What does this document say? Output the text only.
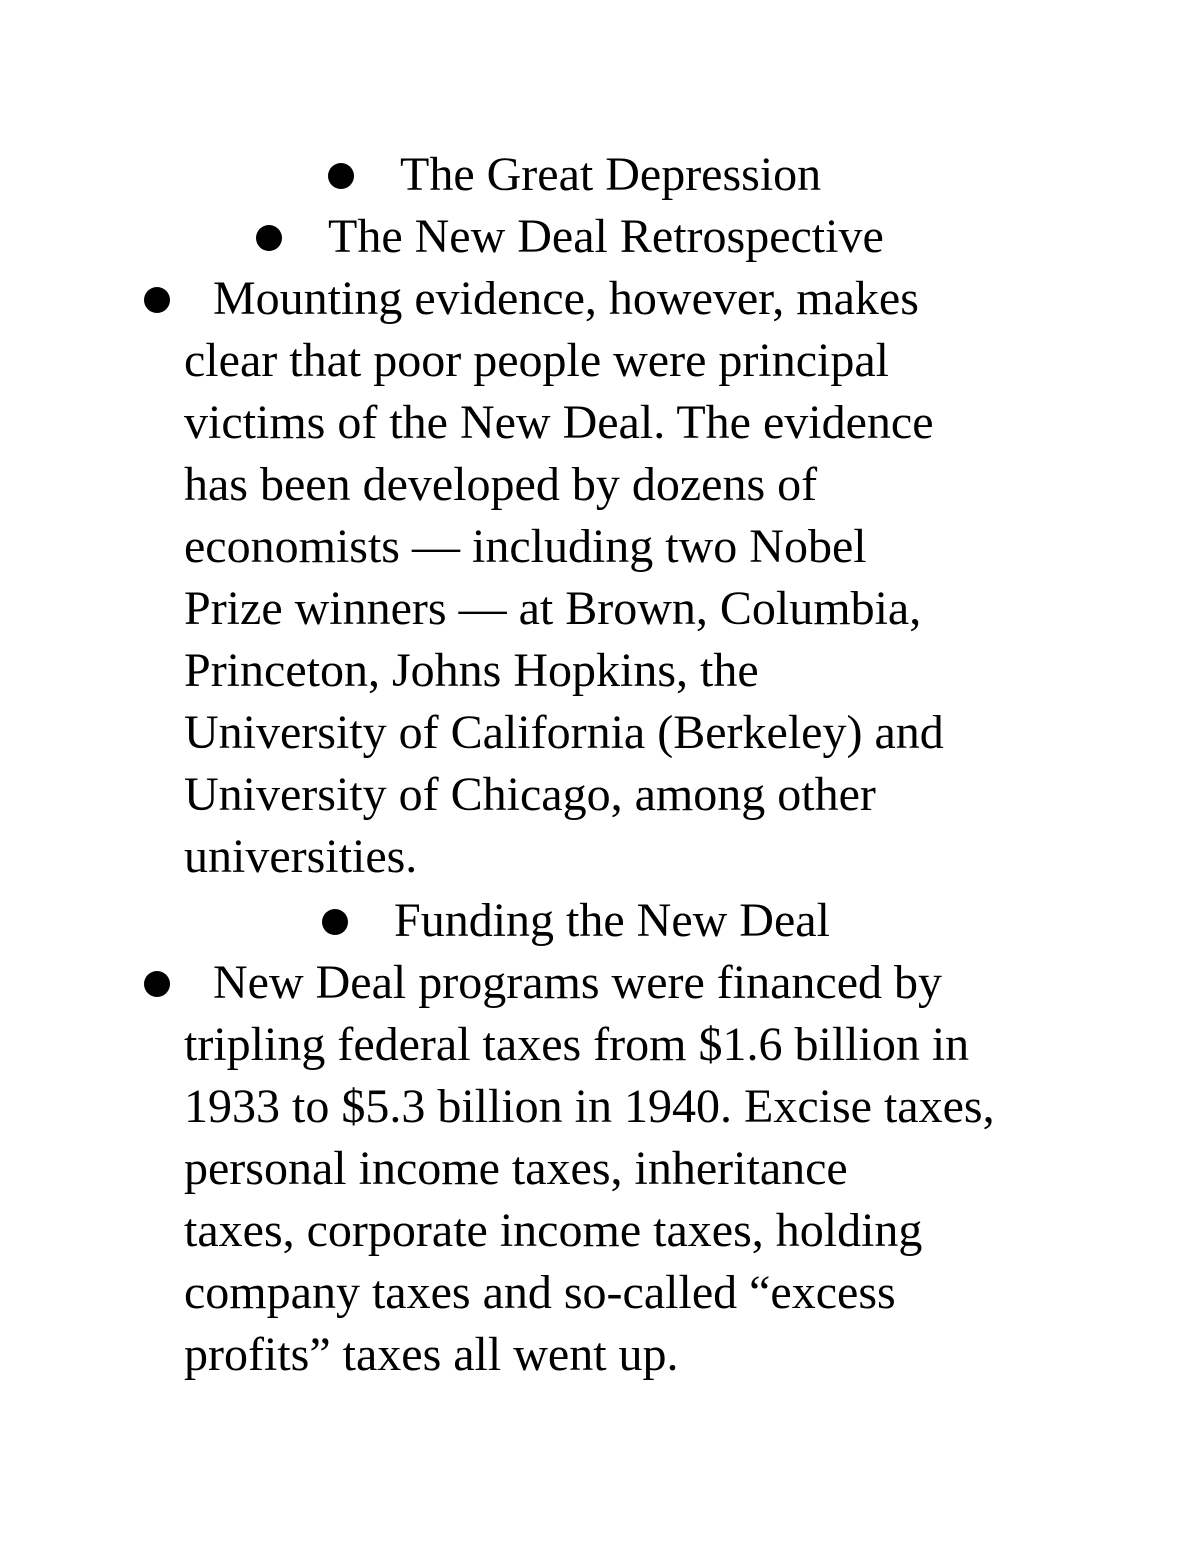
The Great Depression

The New Deal Retrospective

Mounting evidence, however, makes
clear that poor people were principal
victims of the New Deal. The evidence
has been developed by dozens of
economists — including two Nobel
Prize winners — at Brown, Columbia,
Princeton, Johns Hopkins, the
University of California (Berkeley) and
University of Chicago, among other
universities.

Funding the New Deal

New Deal programs were financed by
tripling federal taxes from $1.6 billion in
1933 to $5.3 billion in 1940. Excise taxes,
personal income taxes, inheritance
taxes, corporate income taxes, holding
company taxes and so-called “excess
profits” taxes all went up.
